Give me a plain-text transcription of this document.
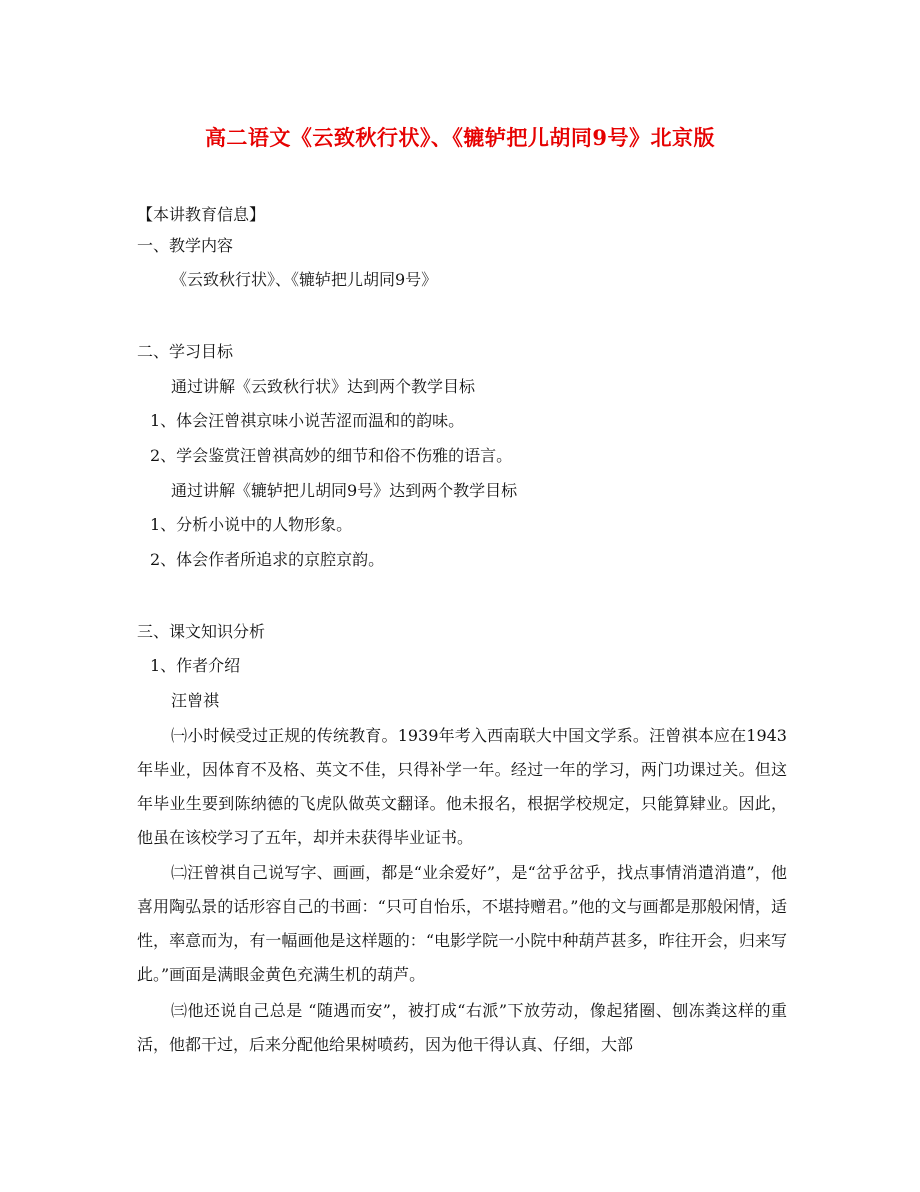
高二语文《云致秋行状》、《辘轳把儿胡同9号》北京版
【本讲教育信息】
一、教学内容
《云致秋行状》、《辘轳把儿胡同9号》
二、学习目标
通过讲解《云致秋行状》达到两个教学目标
1、体会汪曾祺京味小说苦涩而温和的韵味。
2、学会鉴赏汪曾祺高妙的细节和俗不伤雅的语言。
通过讲解《辘轳把儿胡同9号》达到两个教学目标
1、分析小说中的人物形象。
2、体会作者所追求的京腔京韵。
三、课文知识分析
1、作者介绍
汪曾祺
㈠小时候受过正规的传统教育。1939年考入西南联大中国文学系。汪曾祺本应在1943年毕业，因体育不及格、英文不佳，只得补学一年。经过一年的学习，两门功课过关。但这年毕业生要到陈纳德的飞虎队做英文翻译。他未报名，根据学校规定，只能算肄业。因此，他虽在该校学习了五年，却并未获得毕业证书。
㈡汪曾祺自己说写字、画画，都是“业余爱好”，是“岔乎岔乎，找点事情消遣消遣”，他喜用陶弘景的话形容自己的书画：“只可自怡乐，不堪持赠君。”他的文与画都是那般闲情，适性，率意而为，有一幅画他是这样题的：“电影学院一小院中种葫芦甚多，昨往开会，归来写此。”画面是满眼金黄色充满生机的葫芦。
㈢他还说自己总是 “随遇而安”，被打成“右派”下放劳动，像起猪圈、刨冻粪这样的重活，他都干过，后来分配他给果树喷药，因为他干得认真、仔细，大部
